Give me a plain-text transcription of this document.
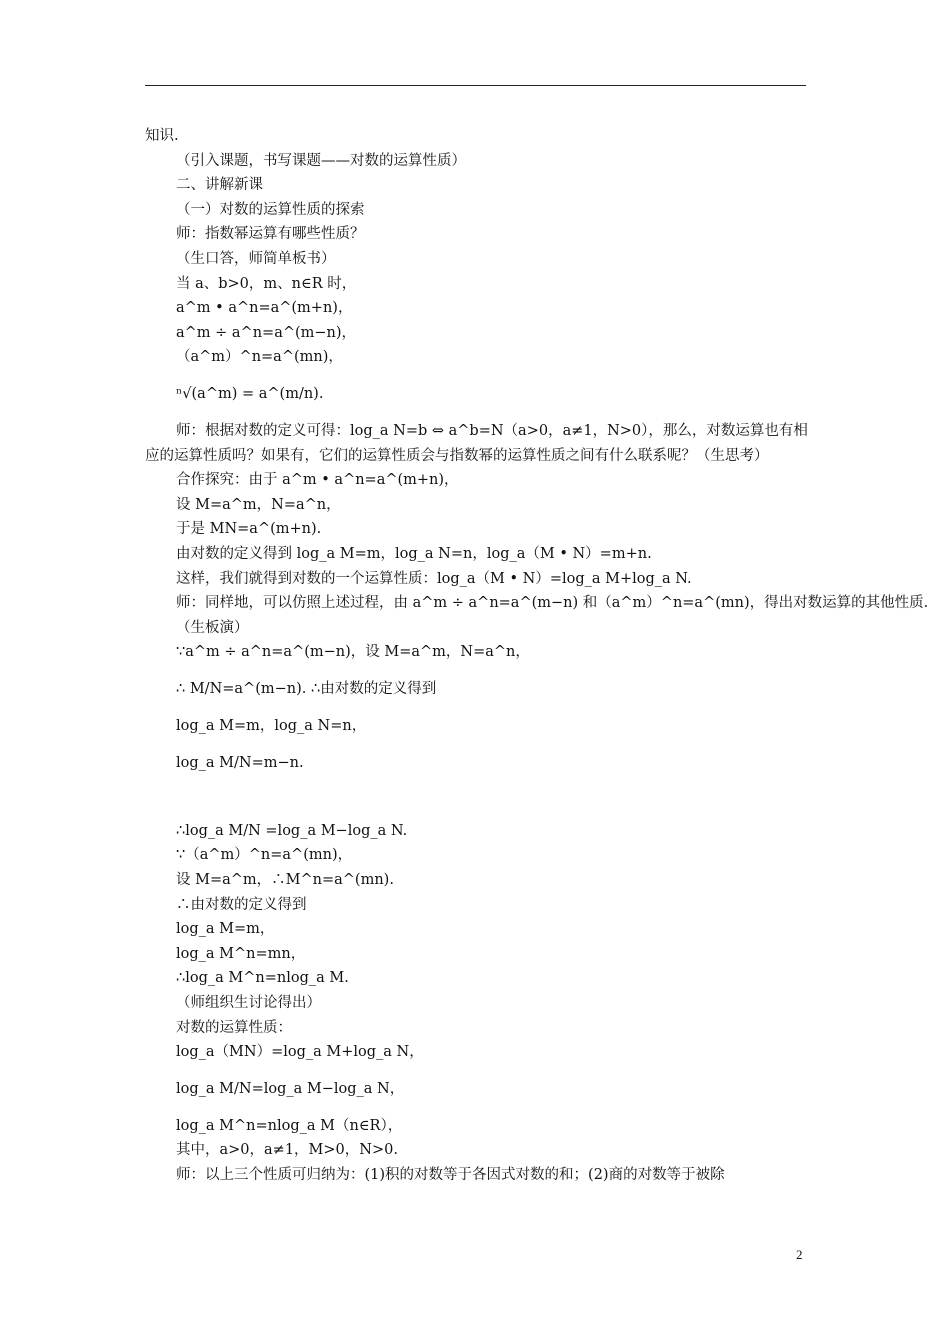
知识.
（引入课题，书写课题——对数的运算性质）
二、讲解新课
（一）对数的运算性质的探索
师：指数幂运算有哪些性质？
（生口答，师简单板书）
当 a、b>0，m、n∈R 时，
a^m • a^n=a^(m+n)，
a^m ÷ a^n=a^(m−n)，
（a^m）^n=a^(mn)，
ⁿ√(a^m) = a^(m/n).
师：根据对数的定义可得：log_a N=b ⇔ a^b=N（a>0，a≠1，N>0），那么，对数运算也有相应的运算性质吗？如果有，它们的运算性质会与指数幂的运算性质之间有什么联系呢？（生思考）
合作探究：由于 a^m • a^n=a^(m+n)，
设 M=a^m，N=a^n，
于是 MN=a^(m+n).
由对数的定义得到 log_a M=m，log_a N=n，log_a（M • N）=m+n.
这样，我们就得到对数的一个运算性质：log_a（M • N）=log_a M+log_a N.
师：同样地，可以仿照上述过程，由 a^m ÷ a^n=a^(m−n) 和（a^m）^n=a^(mn)，得出对数运算的其他性质.
（生板演）
∵a^m ÷ a^n=a^(m−n)，设 M=a^m，N=a^n，
∴ M/N=a^(m−n). ∴由对数的定义得到
log_a M=m，log_a N=n，
log_a M/N=m−n.
∴log_a M/N =log_a M−log_a N.
∵（a^m）^n=a^(mn)，
设 M=a^m，∴M^n=a^(mn).
∴由对数的定义得到
log_a M=m，
log_a M^n=mn，
∴log_a M^n=nlog_a M.
（师组织生讨论得出）
对数的运算性质：
log_a（MN）=log_a M+log_a N，
log_a M/N=log_a M−log_a N，
log_a M^n=nlog_a M（n∈R），
其中，a>0，a≠1，M>0，N>0.
师：以上三个性质可归纳为：(1)积的对数等于各因式对数的和；(2)商的对数等于被除
2
